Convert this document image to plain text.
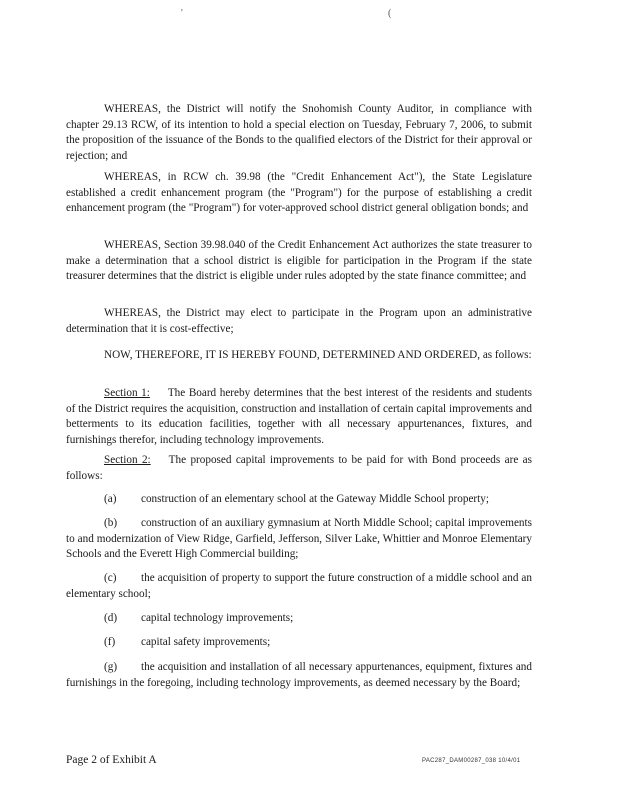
'	(

WHEREAS, the District will notify the Snohomish County Auditor, in compliance with chapter 29.13 RCW, of its intention to hold a special election on Tuesday, February 7, 2006, to submit the proposition of the issuance of the Bonds to the qualified electors of the District for their approval or rejection; and

WHEREAS, in RCW ch. 39.98 (the "Credit Enhancement Act"), the State Legislature established a credit enhancement program (the "Program") for the purpose of establishing a credit enhancement program (the "Program") for voter-approved school district general obligation bonds; and

WHEREAS, Section 39.98.040 of the Credit Enhancement Act authorizes the state treasurer to make a determination that a school district is eligible for participation in the Program if the state treasurer determines that the district is eligible under rules adopted by the state finance committee; and

WHEREAS, the District may elect to participate in the Program upon an administrative determination that it is cost-effective;

NOW, THEREFORE, IT IS HEREBY FOUND, DETERMINED AND ORDERED, as follows:

Section 1: The Board hereby determines that the best interest of the residents and students of the District requires the acquisition, construction and installation of certain capital improvements and betterments to its education facilities, together with all necessary appurtenances, fixtures, and furnishings therefor, including technology improvements.

Section 2: The proposed capital improvements to be paid for with Bond proceeds are as follows:

(a) construction of an elementary school at the Gateway Middle School property;

(b) construction of an auxiliary gymnasium at North Middle School; capital improvements to and modernization of View Ridge, Garfield, Jefferson, Silver Lake, Whittier and Monroe Elementary Schools and the Everett High Commercial building;

(c) the acquisition of property to support the future construction of a middle school and an elementary school;

(d) capital technology improvements;

(f) capital safety improvements;

(g) the acquisition and installation of all necessary appurtenances, equipment, fixtures and furnishings in the foregoing, including technology improvements, as deemed necessary by the Board;

Page 2 of Exhibit A	PAC287_DAM00287_038 10/4/01
